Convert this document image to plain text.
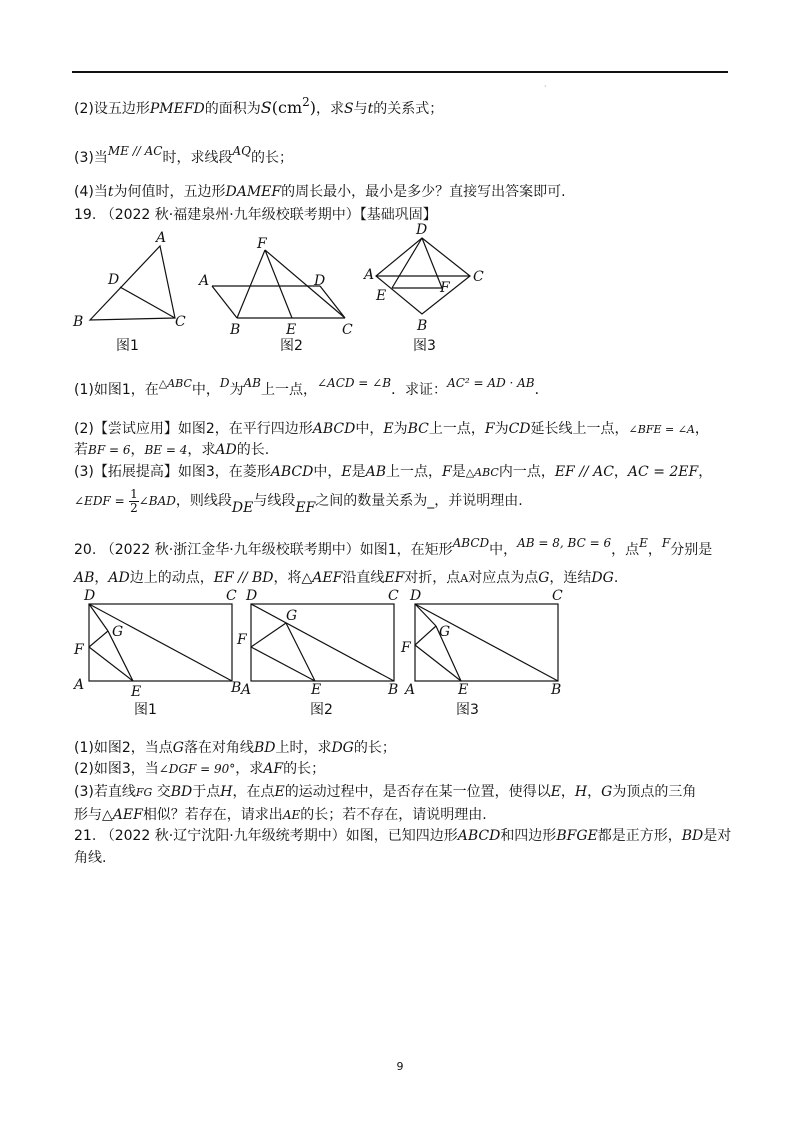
·
(2)设五边形PMEFD的面积为S(cm2)，求S与t的关系式；
(3)当ME // AC时，求线段AQ的长；
(4)当t为何值时，五边形DAMEF的周长最小，最小是多少？直接写出答案即可.
19. （2022 秋·福建泉州·九年级校联考期中）【基础巩固】
A
D
B	C
图1
F
A	D
B	E	C
图2
D
A	C
E	F
B
图3
(1)如图1，在$^{\triangle ABC}$中，D为AB上一点，∠ACD = ∠B．求证：AC² = AD · AB．
(2)【尝试应用】如图2，在平行四边形ABCD中，E为BC上一点，F为CD延长线上一点，∠BFE = ∠A，
若BF = 6，BE = 4，求AD的长.
(3)【拓展提高】如图3，在菱形ABCD中，E是AB上一点，F是△ABC内一点，EF // AC，AC = 2EF，
∠EDF = $\frac{1}{2}$ ∠BAD，则线段DE与线段EF之间的数量关系为_，并说明理由.
20. （2022 秋·浙江金华·九年级校联考期中）如图1，在矩形ABCD中，AB = 8, BC = 6，点E，F分别是
AB，AD边上的动点，EF // BD，将△AEF沿直线EF对折，点A对应点为点G，连结DG.
D	C
G
F
A	E	B
图1
D	C
G
F
A	E	B
图2
D	C
G
F
A	E	B
图3
(1)如图2，当点G落在对角线BD上时，求DG的长；
(2)如图3，当∠DGF = 90°，求AF的长；
(3)若直线FG 交BD于点H，在点E的运动过程中，是否存在某一位置，使得以E，H，G为顶点的三角
形与△AEF相似？若存在，请求出AE的长；若不存在，请说明理由.
21. （2022 秋·辽宁沈阳·九年级统考期中）如图，已知四边形ABCD和四边形BFGE都是正方形，BD是对
角线.
9
